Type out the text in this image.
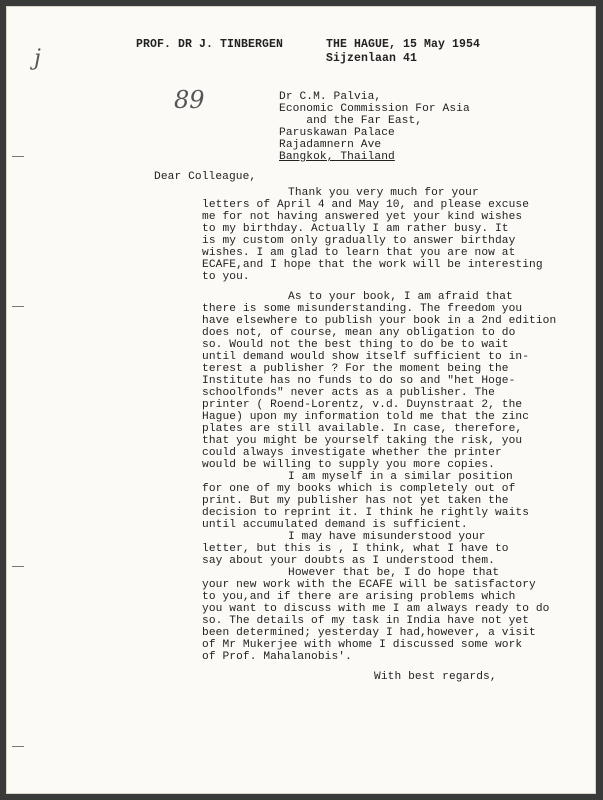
j
89
PROF. DR J. TINBERGEN	THE HAGUE, 15 May 1954
Sijzenlaan 41
Dr C.M. Palvia,
Economic Commission For Asia
and the Far East,
Paruskawan Palace
Rajadamnern Ave
Bangkok, Thailand
Dear Colleague,
Thank you very much for your
letters of April 4 and May 10, and please excuse
me for not having answered yet your kind wishes
to my birthday. Actually I am rather busy. It
is my custom only gradually to answer birthday
wishes. I am glad to learn that you are now at
ECAFE,and I hope that the work will be interesting
to you.
As to your book, I am afraid that
there is some misunderstanding. The freedom you
have elsewhere to publish your book in a 2nd edition
does not, of course, mean any obligation to do
so. Would not the best thing to do be to wait
until demand would show itself sufficient to in-
terest a publisher ? For the moment being the
Institute has no funds to do so and "het Hoge-
schoolfonds" never acts as a publisher. The
printer ( Roend-Lorentz, v.d. Duynstraat 2, the
Hague) upon my information told me that the zinc
plates are still available. In case, therefore,
that you might be yourself taking the risk, you
could always investigate whether the printer
would be willing to supply you more copies.
I am myself in a similar position
for one of my books which is completely out of
print. But my publisher has not yet taken the
decision to reprint it. I think he rightly waits
until accumulated demand is sufficient.
I may have misunderstood your
letter, but this is , I think, what I have to
say about your doubts as I understood them.
However that be, I do hope that
your new work with the ECAFE will be satisfactory
to you,and if there are arising problems which
you want to discuss with me I am always ready to do
so. The details of my task in India have not yet
been determined; yesterday I had,however, a visit
of Mr Mukerjee with whome I discussed some work
of Prof. Mahalanobis'.
With best regards,
